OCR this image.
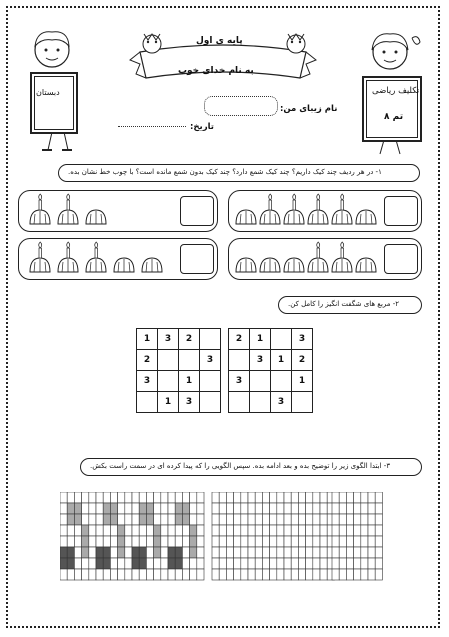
پایه ی اول
به نام خدای خوب
دبستان	تکلیف ریاضی
تم ۸
نام زیبای من:
تاریخ:
۱- در هر ردیف چند کیک داریم؟ چند کیک شمع دارد؟ چند کیک بدون شمع مانده است؟ با چوب خط نشان بده.
۲- مربع های شگفت انگیز را کامل کن.
1	3	2	
2			3
3		1	
	1	3	
2	1		3
	3	1	2
3			1
		3	
۳- ابتدا الگوی زیر را توضیح بده و بعد ادامه بده. سپس الگویی را که پیدا کرده ای در سمت راست بکش.
